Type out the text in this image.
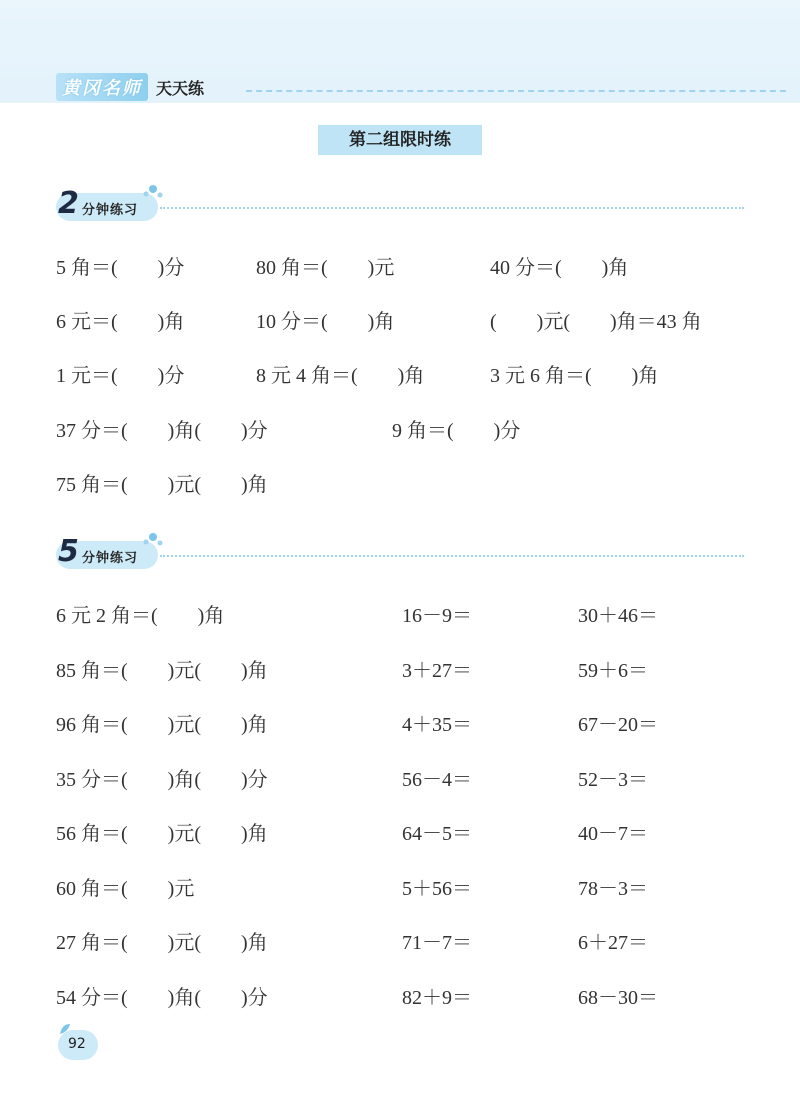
黄冈名师 天天练
第二组限时练
2 分钟练习
5 角＝(　　)分	80 角＝(　　)元	40 分＝(　　)角
6 元＝(　　)角	10 分＝(　　)角	(　　)元(　　)角＝43 角
1 元＝(　　)分	8 元 4 角＝(　　)角	3 元 6 角＝(　　)角
37 分＝(　　)角(　　)分	9 角＝(　　)分
75 角＝(　　)元(　　)角
5 分钟练习
6 元 2 角＝(　　)角	16－9＝	30＋46＝
85 角＝(　　)元(　　)角	3＋27＝	59＋6＝
96 角＝(　　)元(　　)角	4＋35＝	67－20＝
35 分＝(　　)角(　　)分	56－4＝	52－3＝
56 角＝(　　)元(　　)角	64－5＝	40－7＝
60 角＝(　　)元	5＋56＝	78－3＝
27 角＝(　　)元(　　)角	71－7＝	6＋27＝
54 分＝(　　)角(　　)分	82＋9＝	68－30＝
92
